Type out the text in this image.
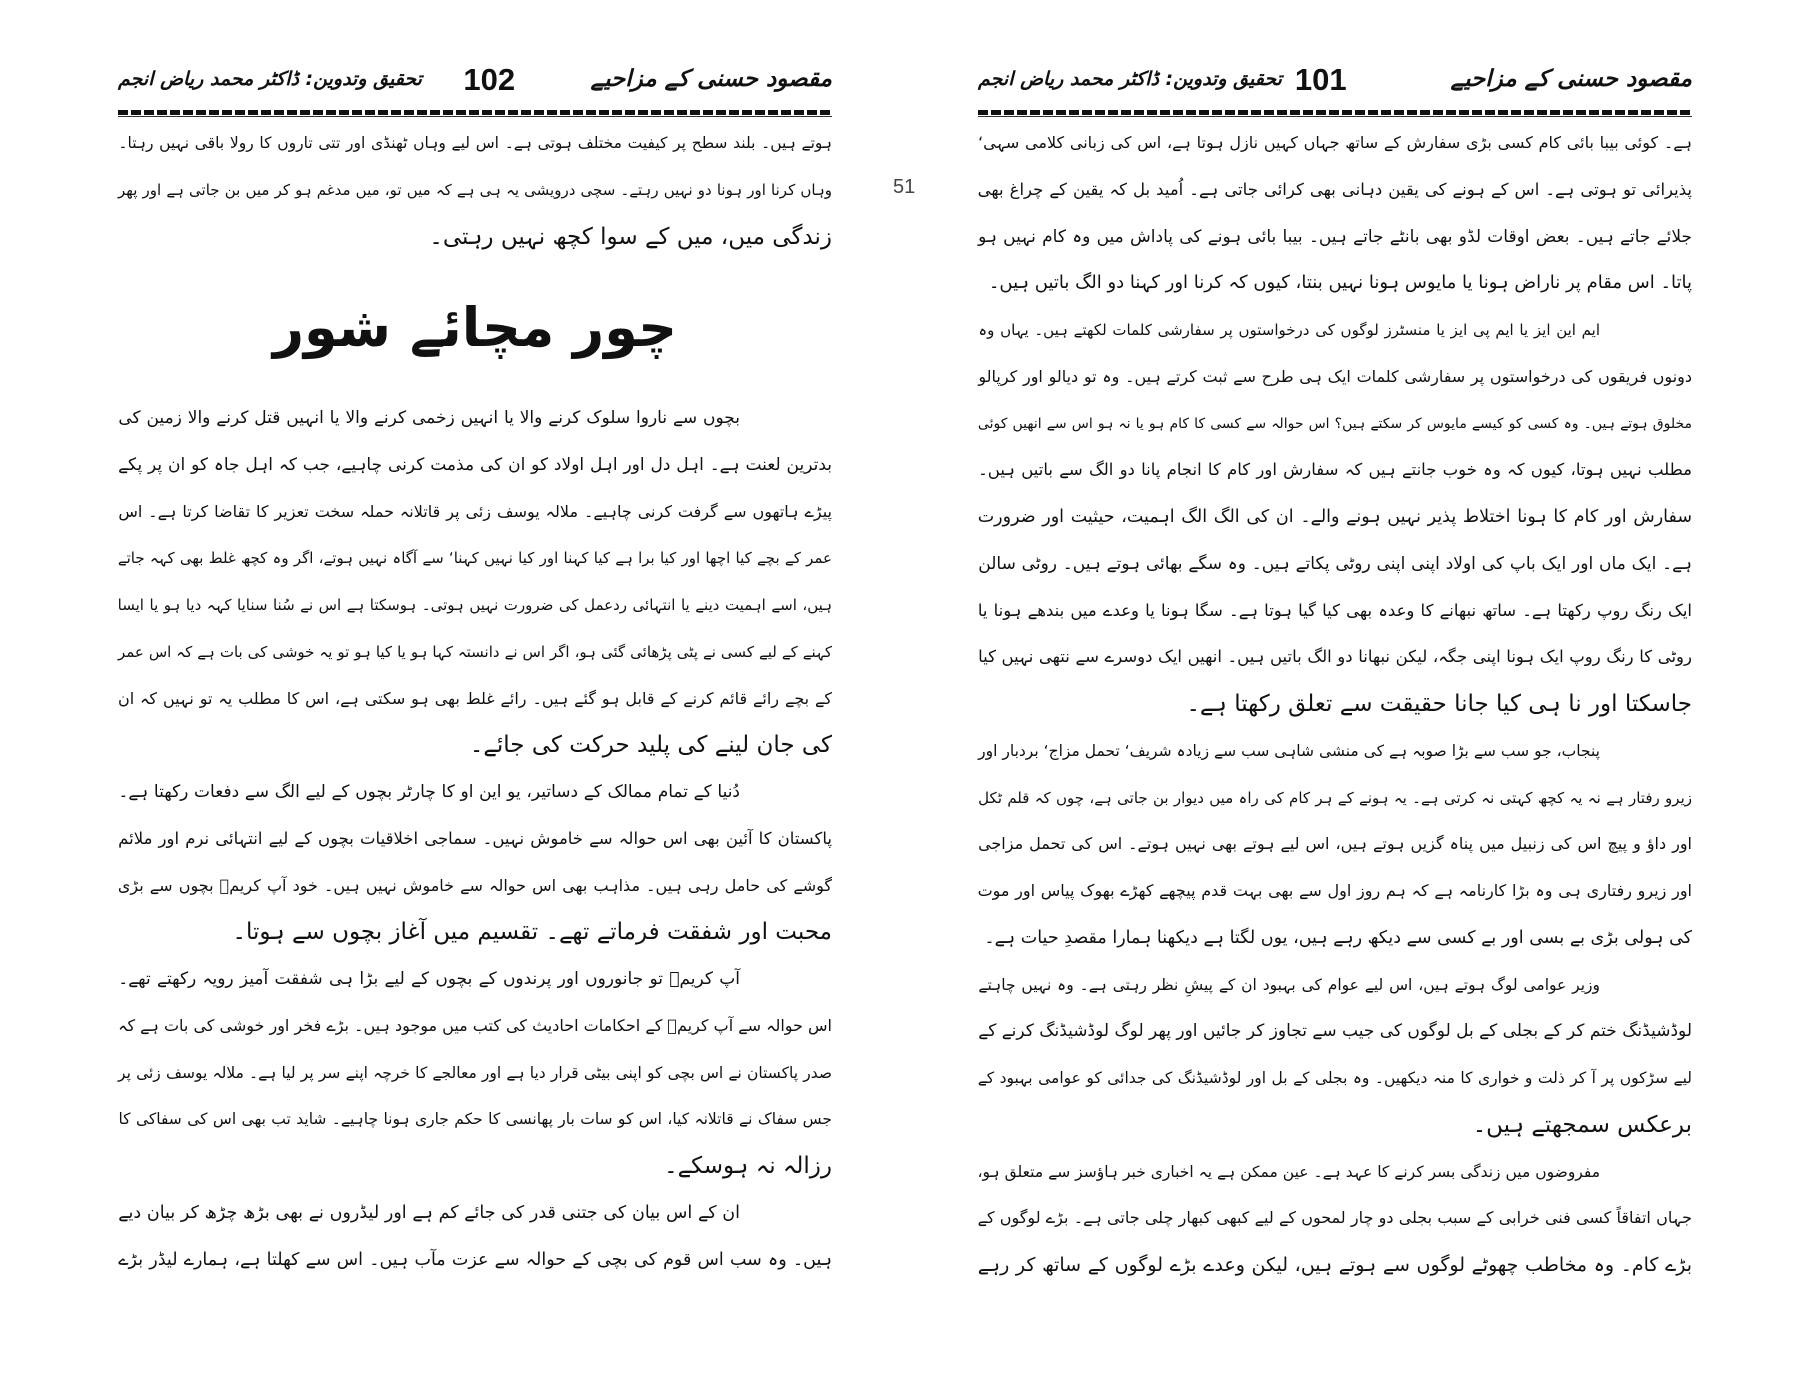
مقصود حسنی کے مزاحیے
102
تحقیق وتدوین: ڈاکٹر محمد ریاض انجم
ہوتے ہیں۔ بلند سطح پر کیفیت مختلف ہوتی ہے۔ اس لیے وہاں ٹھنڈی اور تتی تاروں کا رولا باقی نہیں رہتا۔
وہاں کرنا اور ہونا دو نہیں رہتے۔ سچی درویشی یہ ہی ہے کہ میں تو، میں مدغم ہو کر میں بن جاتی ہے اور پھر
زندگی میں، میں کے سوا کچھ نہیں رہتی۔
چور مچائے شور
بچوں سے ناروا سلوک کرنے والا یا انہیں زخمی کرنے والا یا انہیں قتل کرنے والا زمین کی
بدترین لعنت ہے۔ اہل دل اور اہل اولاد کو ان کی مذمت کرنی چاہیے، جب کہ اہل جاہ کو ان پر پکے
پیڑے ہاتھوں سے گرفت کرنی چاہیے۔ ملالہ یوسف زئی پر قاتلانہ حملہ سخت تعزیر کا تقاضا کرتا ہے۔ اس
عمر کے بچے کیا اچھا اور کیا برا ہے کیا کہنا اور کیا نہیں کہنا‘ سے آگاہ نہیں ہوتے، اگر وہ کچھ غلط بھی کہہ جاتے
ہیں، اسے اہمیت دینے یا انتہائی ردعمل کی ضرورت نہیں ہوتی۔ ہوسکتا ہے اس نے سُنا سنایا کہہ دیا ہو یا ایسا
کہنے کے لیے کسی نے پٹی پڑھائی گئی ہو، اگر اس نے دانستہ کہا ہو یا کیا ہو تو یہ خوشی کی بات ہے کہ اس عمر
کے بچے رائے قائم کرنے کے قابل ہو گئے ہیں۔ رائے غلط بھی ہو سکتی ہے، اس کا مطلب یہ تو نہیں کہ ان
کی جان لینے کی پلید حرکت کی جائے۔
دُنیا کے تمام ممالک کے دساتیر، یو این او کا چارٹر بچوں کے لیے الگ سے دفعات رکھتا ہے۔
پاکستان کا آئین بھی اس حوالہ سے خاموش نہیں۔ سماجی اخلاقیات بچوں کے لیے انتہائی نرم اور ملائم
گوشے کی حامل رہی ہیں۔ مذاہب بھی اس حوالہ سے خاموش نہیں ہیں۔ خود آپ کریمؐ بچوں سے بڑی
محبت اور شفقت فرماتے تھے۔ تقسیم میں آغاز بچوں سے ہوتا۔
آپ کریمؐ تو جانوروں اور پرندوں کے بچوں کے لیے بڑا ہی شفقت آمیز رویہ رکھتے تھے۔
اس حوالہ سے آپ کریمؐ کے احکامات احادیث کی کتب میں موجود ہیں۔ بڑے فخر اور خوشی کی بات ہے کہ
صدر پاکستان نے اس بچی کو اپنی بیٹی قرار دیا ہے اور معالجے کا خرچہ اپنے سر پر لیا ہے۔ ملالہ یوسف زئی پر
جس سفاک نے قاتلانہ کیا، اس کو سات بار پھانسی کا حکم جاری ہونا چاہیے۔ شاید تب بھی اس کی سفاکی کا
رزالہ نہ ہوسکے۔
ان کے اس بیان کی جتنی قدر کی جائے کم ہے اور لیڈروں نے بھی بڑھ چڑھ کر بیان دیے
ہیں۔ وہ سب اس قوم کی بچی کے حوالہ سے عزت مآب ہیں۔ اس سے کھلتا ہے، ہمارے لیڈر بڑے
51
مقصود حسنی کے مزاحیے
101
تحقیق وتدوین: ڈاکٹر محمد ریاض انجم
ہے۔ کوئی بیبا بائی کام کسی بڑی سفارش کے ساتھ جہاں کہیں نازل ہوتا ہے، اس کی زبانی کلامی سہی‘
پذیرائی تو ہوتی ہے۔ اس کے ہونے کی یقین دہانی بھی کرائی جاتی ہے۔ اُمید بل کہ یقین کے چراغ بھی
جلائے جاتے ہیں۔ بعض اوقات لڈو بھی بانٹے جاتے ہیں۔ بیبا بائی ہونے کی پاداش میں وہ کام نہیں ہو
پاتا۔ اس مقام پر ناراض ہونا یا مایوس ہونا نہیں بنتا، کیوں کہ کرنا اور کہنا دو الگ باتیں ہیں۔
ایم این ایز یا ایم پی ایز یا منسٹرز لوگوں کی درخواستوں پر سفارشی کلمات لکھتے ہیں۔ یہاں وہ
دونوں فریقوں کی درخواستوں پر سفارشی کلمات ایک ہی طرح سے ثبت کرتے ہیں۔ وہ تو دیالو اور کرپالو
مخلوق ہوتے ہیں۔ وہ کسی کو کیسے مایوس کر سکتے ہیں؟ اس حوالہ سے کسی کا کام ہو یا نہ ہو اس سے انھیں کوئی
مطلب نہیں ہوتا، کیوں کہ وہ خوب جانتے ہیں کہ سفارش اور کام کا انجام پانا دو الگ سے باتیں ہیں۔
سفارش اور کام کا ہونا اختلاط پذیر نہیں ہونے والے۔ ان کی الگ الگ اہمیت، حیثیت اور ضرورت
ہے۔ ایک ماں اور ایک باپ کی اولاد اپنی اپنی روٹی پکاتے ہیں۔ وہ سگے بھائی ہوتے ہیں۔ روٹی سالن
ایک رنگ روپ رکھتا ہے۔ ساتھ نبھانے کا وعدہ بھی کیا گیا ہوتا ہے۔ سگا ہونا یا وعدے میں بندھے ہونا یا
روٹی کا رنگ روپ ایک ہونا اپنی جگہ، لیکن نبھانا دو الگ باتیں ہیں۔ انھیں ایک دوسرے سے نتھی نہیں کیا
جاسکتا اور نا ہی کیا جانا حقیقت سے تعلق رکھتا ہے۔
پنجاب، جو سب سے بڑا صوبہ ہے کی منشی شاہی سب سے زیادہ شریف‘ تحمل مزاج‘ بردبار اور
زیرو رفتار ہے نہ یہ کچھ کہتی نہ کرتی ہے۔ یہ ہونے کے ہر کام کی راہ میں دیوار بن جاتی ہے، چوں کہ قلم ٹکل
اور داؤ و پیچ اس کی زنبیل میں پناہ گزیں ہوتے ہیں، اس لیے ہوتے بھی نہیں ہوتے۔ اس کی تحمل مزاجی
اور زیرو رفتاری ہی وہ بڑا کارنامہ ہے کہ ہم روز اول سے بھی بہت قدم پیچھے کھڑے بھوک پیاس اور موت
کی ہولی بڑی بے بسی اور بے کسی سے دیکھ رہے ہیں، یوں لگتا ہے دیکھنا ہمارا مقصدِ حیات ہے۔
وزیر عوامی لوگ ہوتے ہیں، اس لیے عوام کی بہبود ان کے پیشِ نظر رہتی ہے۔ وہ نہیں چاہتے
لوڈشیڈنگ ختم کر کے بجلی کے بل لوگوں کی جیب سے تجاوز کر جائیں اور پھر لوگ لوڈشیڈنگ کرنے کے
لیے سڑکوں پر آ کر ذلت و خواری کا منہ دیکھیں۔ وہ بجلی کے بل اور لوڈشیڈنگ کی جدائی کو عوامی بہبود کے
برعکس سمجھتے ہیں۔
مفروضوں میں زندگی بسر کرنے کا عہد ہے۔ عین ممکن ہے یہ اخباری خبر ہاؤسز سے متعلق ہو،
جہاں اتفاقاً کسی فنی خرابی کے سبب بجلی دو چار لمحوں کے لیے کبھی کبھار چلی جاتی ہے۔ بڑے لوگوں کے
بڑے کام۔ وہ مخاطب چھوٹے لوگوں سے ہوتے ہیں، لیکن وعدے بڑے لوگوں کے ساتھ کر رہے
